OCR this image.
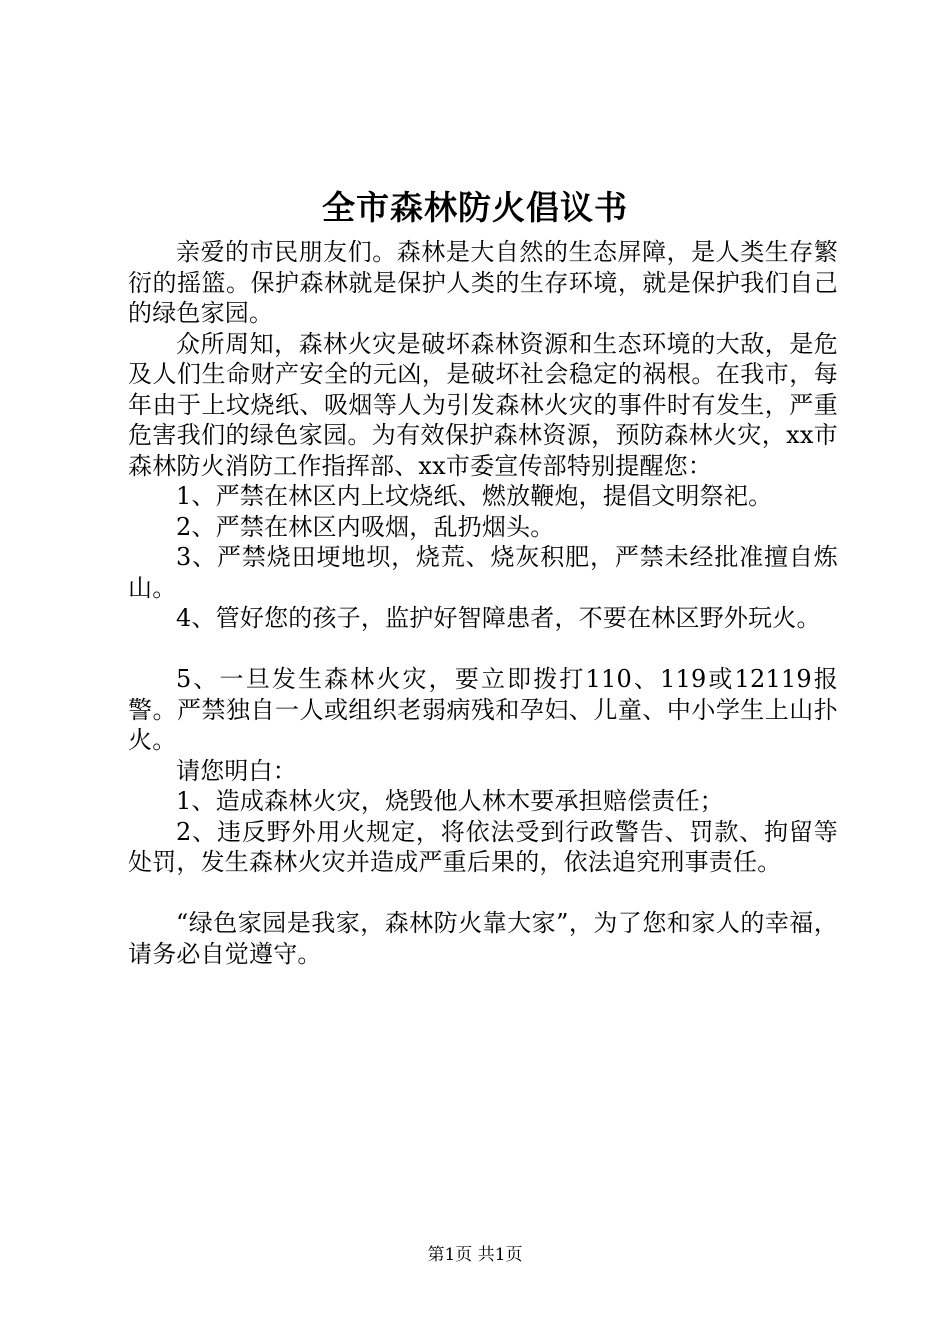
全市森林防火倡议书

亲爱的市民朋友们。森林是大自然的生态屏障，是人类生存繁衍的摇篮。保护森林就是保护人类的生存环境，就是保护我们自己的绿色家园。

众所周知，森林火灾是破坏森林资源和生态环境的大敌，是危及人们生命财产安全的元凶，是破坏社会稳定的祸根。在我市，每年由于上坟烧纸、吸烟等人为引发森林火灾的事件时有发生，严重危害我们的绿色家园。为有效保护森林资源，预防森林火灾，xx市森林防火消防工作指挥部、xx市委宣传部特别提醒您：

1、严禁在林区内上坟烧纸、燃放鞭炮，提倡文明祭祀。

2、严禁在林区内吸烟，乱扔烟头。

3、严禁烧田埂地坝，烧荒、烧灰积肥，严禁未经批准擅自炼山。

4、管好您的孩子，监护好智障患者，不要在林区野外玩火。

5、一旦发生森林火灾，要立即拨打110、119或12119报警。严禁独自一人或组织老弱病残和孕妇、儿童、中小学生上山扑火。

请您明白：

1、造成森林火灾，烧毁他人林木要承担赔偿责任；

2、违反野外用火规定，将依法受到行政警告、罚款、拘留等处罚，发生森林火灾并造成严重后果的，依法追究刑事责任。

“绿色家园是我家，森林防火靠大家”，为了您和家人的幸福，请务必自觉遵守。

第1页 共1页
